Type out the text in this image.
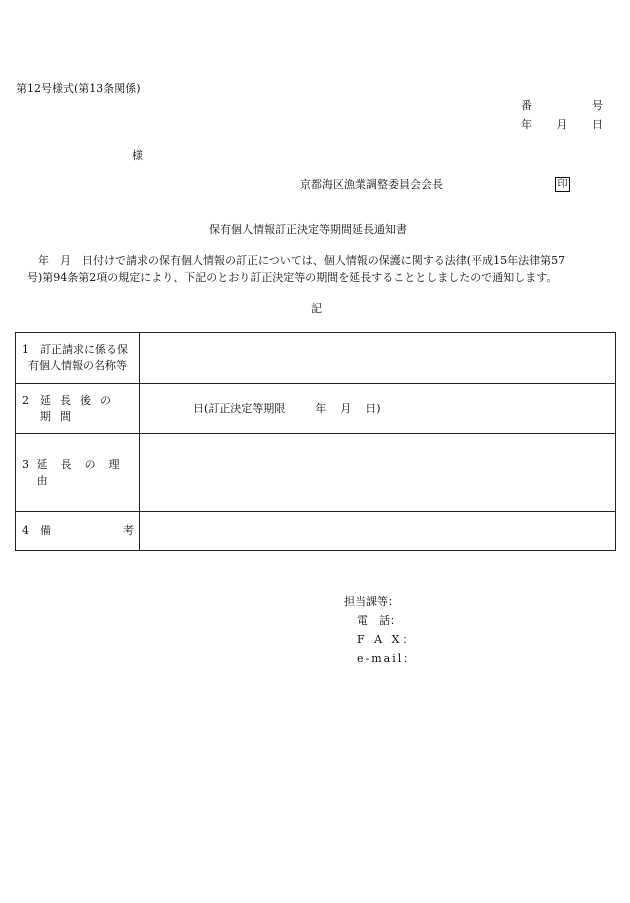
第12号様式(第13条関係)
番	号
年 月 日
様
京都海区漁業調整委員会会長	印
保有個人情報訂正決定等期間延長通知書

年　月　日付けで請求の保有個人情報の訂正については、個人情報の保護に関する法律(平成15年法律第57

号)第94条第2項の規定により、下記のとおり訂正決定等の期間を延長することとしましたので通知します。

記
1　 訂正請求に係る保
有個人情報の名称等	

2 延長後の期間	日 (訂正決定等期限 年 月 日)

3 延長の理由	

4 備 考	

担当課等：
電　話：
F A X：
e-mail：
